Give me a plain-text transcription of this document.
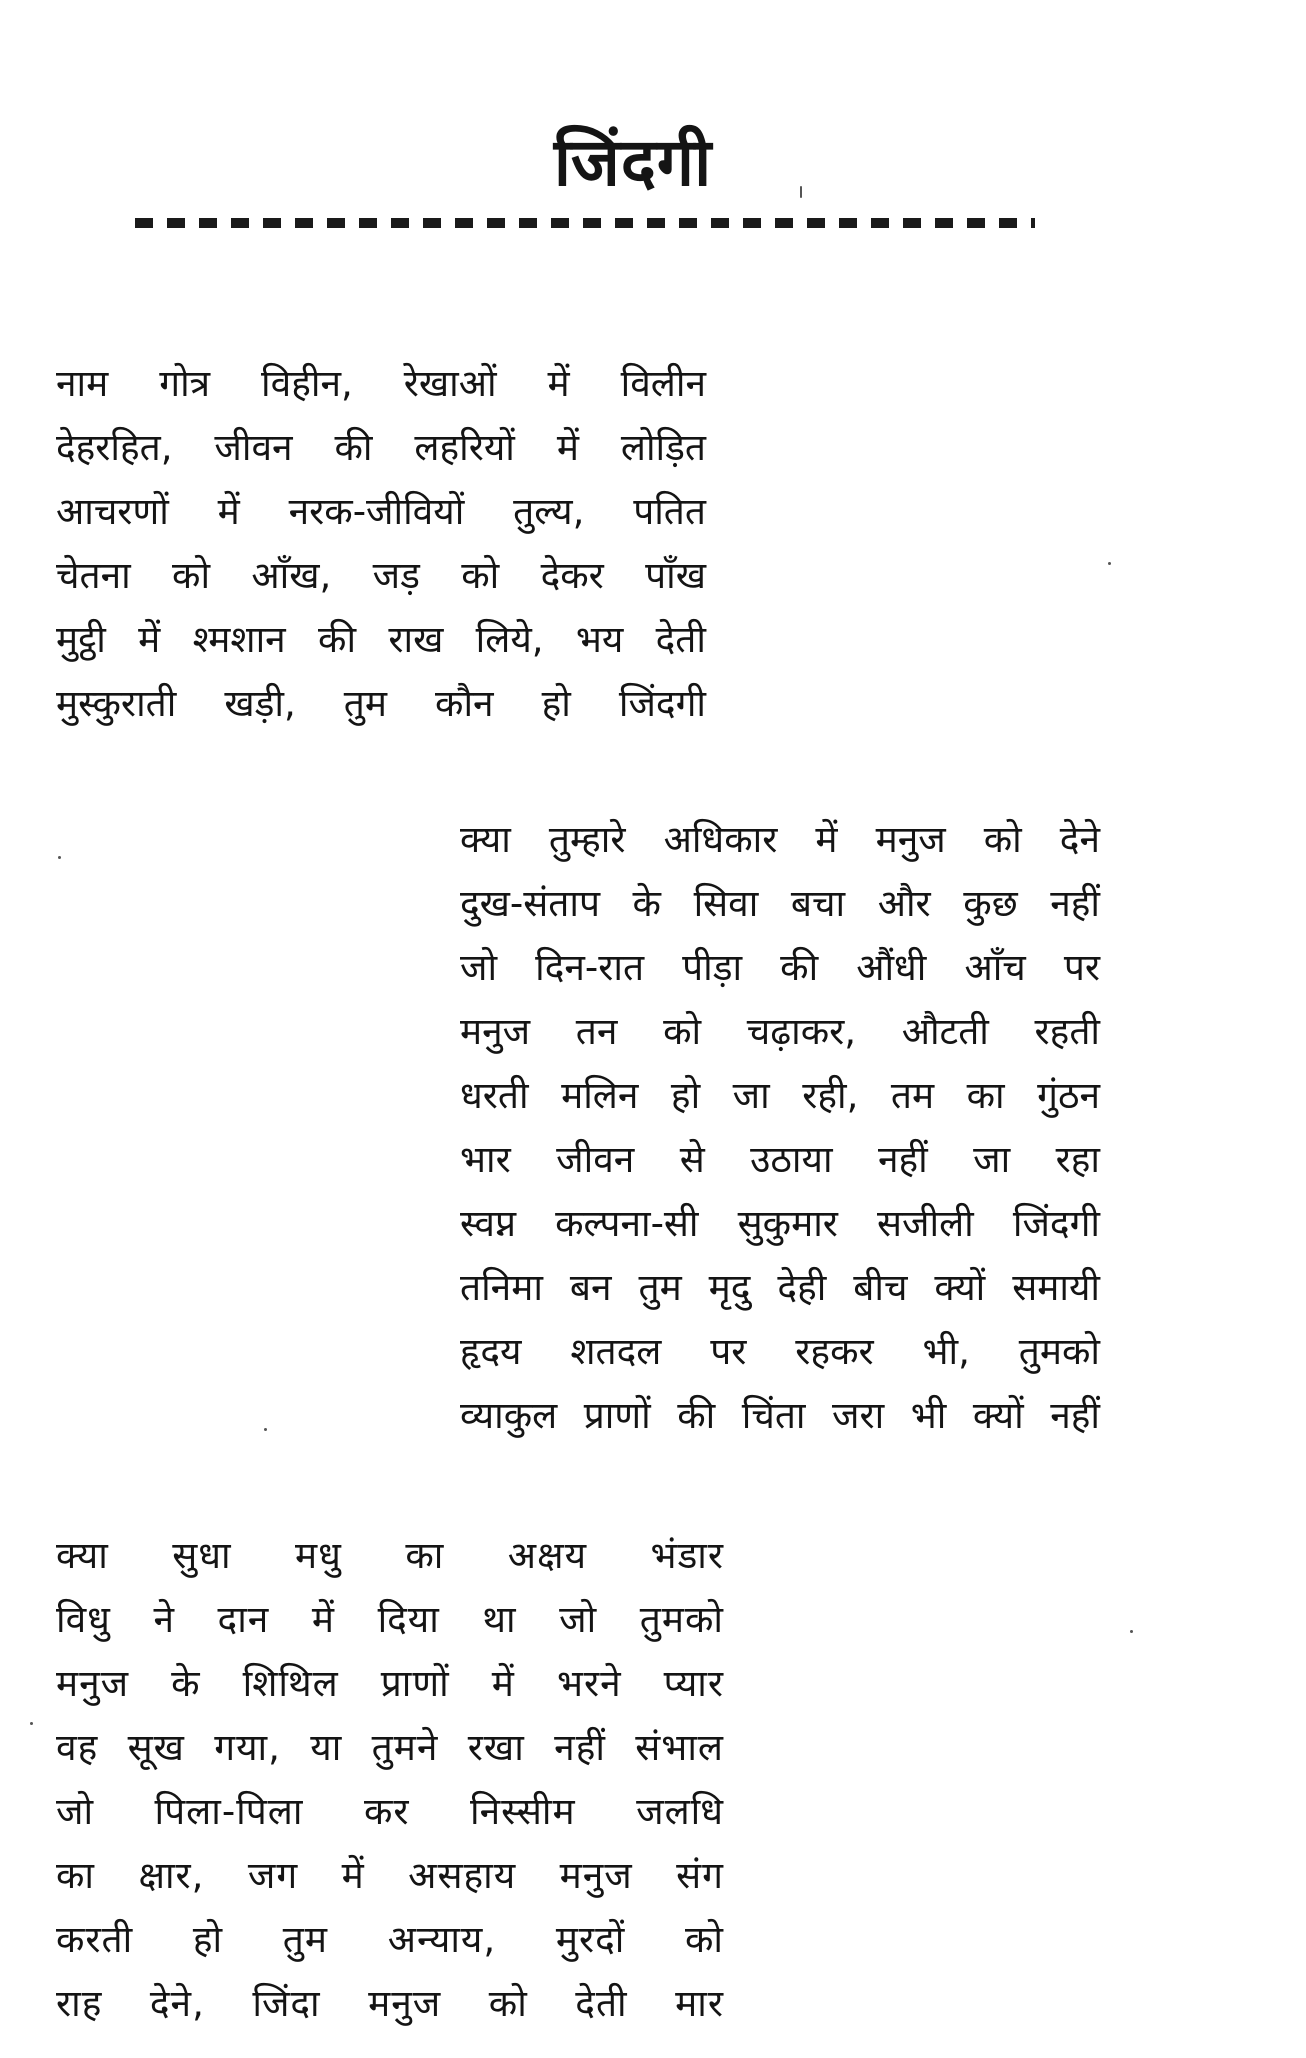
जिंदगी
नाम गोत्र विहीन, रेखाओं में विलीन
देहरहित, जीवन की लहरियों में लोड़ित
आचरणों में नरक-जीवियों तुल्य, पतित
चेतना को आँख, जड़ को देकर पाँख
मुट्ठी में श्मशान की राख लिये, भय देती
मुस्कुराती खड़ी, तुम कौन हो जिंदगी
क्या तुम्हारे अधिकार में मनुज को देने
दुख-संताप के सिवा बचा और कुछ नहीं
जो दिन-रात पीड़ा की औंधी आँच पर
मनुज तन को चढ़ाकर, औटती रहती
धरती मलिन हो जा रही, तम का गुंठन
भार जीवन से उठाया नहीं जा रहा
स्वप्न कल्पना-सी सुकुमार सजीली जिंदगी
तनिमा बन तुम मृदु देही बीच क्यों समायी
हृदय शतदल पर रहकर भी, तुमको
व्याकुल प्राणों की चिंता जरा भी क्यों नहीं
क्या सुधा मधु का अक्षय भंडार
विधु ने दान में दिया था जो तुमको
मनुज के शिथिल प्राणों में भरने प्यार
वह सूख गया, या तुमने रखा नहीं संभाल
जो पिला-पिला कर निस्सीम जलधि
का क्षार, जग में असहाय मनुज संग
करती हो तुम अन्याय, मुरदों को
राह देने, जिंदा मनुज को देती मार
